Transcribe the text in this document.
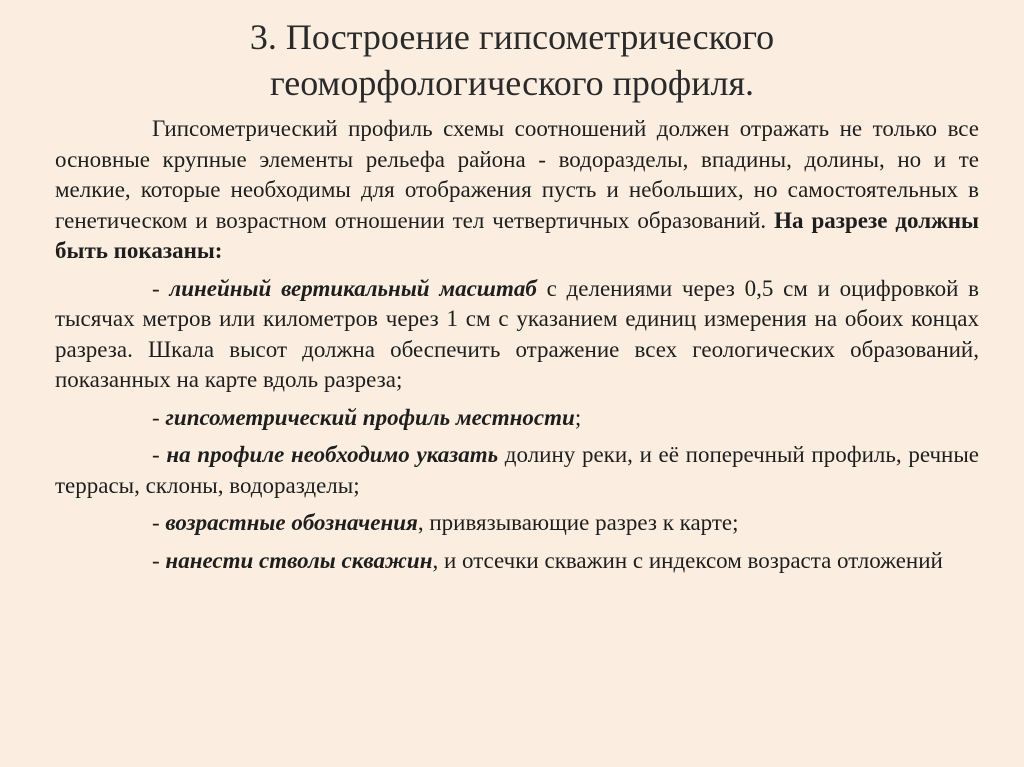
3. Построение гипсометрического
геоморфологического профиля.

Гипсометрический профиль схемы соотношений должен отражать не только все основные крупные элементы рельефа района - водоразделы, впадины, долины, но и те мелкие, которые необходимы для отображения пусть и небольших, но самостоятельных в генетическом и возрастном отношении тел четвертичных образований. На разрезе должны быть показаны:

- линейный вертикальный масштаб с делениями через 0,5 см и оцифровкой в тысячах метров или километров через 1 см с указанием единиц измерения на обоих концах разреза. Шкала высот должна обеспечить отражение всех геологических образований, показанных на карте вдоль разреза;

- гипсометрический профиль местности;

- на профиле необходимо указать долину реки, и её поперечный профиль, речные террасы, склоны, водоразделы;

- возрастные обозначения, привязывающие разрез к карте;

- нанести стволы скважин, и отсечки скважин с индексом возраста отложений
